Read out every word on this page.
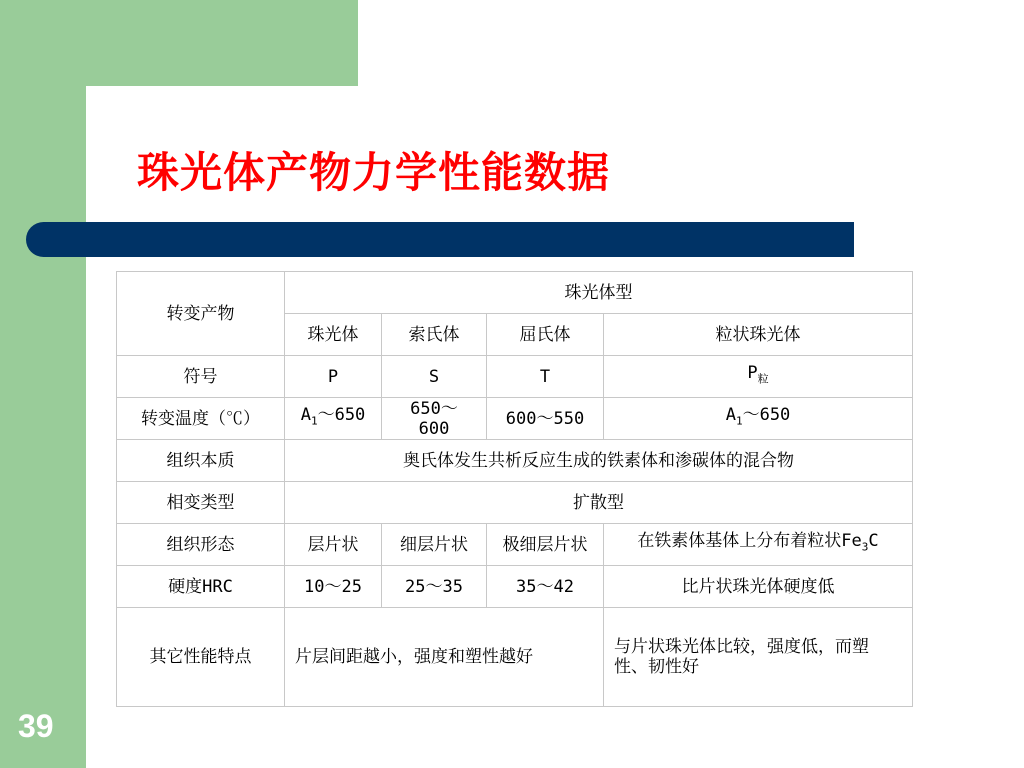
珠光体产物力学性能数据
转变产物	珠光体型			
	珠光体	索氏体	屈氏体	粒状珠光体
符号	P	S	T	$P_粒$
转变温度（℃）	$A_1\sim 650$	650～600	600～550	$A_1\sim 650$
组织本质	奥氏体发生共析反应生成的铁素体和渗碳体的混合物			
相变类型	扩散型			
组织形态	层片状	细层片状	极细层片状	在铁素体基体上分布着粒状$Fe_3C$
硬度HRC	10～25	25～35	35～42	比片状珠光体硬度低
其它性能特点	片层间距越小，强度和塑性越好			与片状珠光体比较，强度低，而塑性、韧性好
39
